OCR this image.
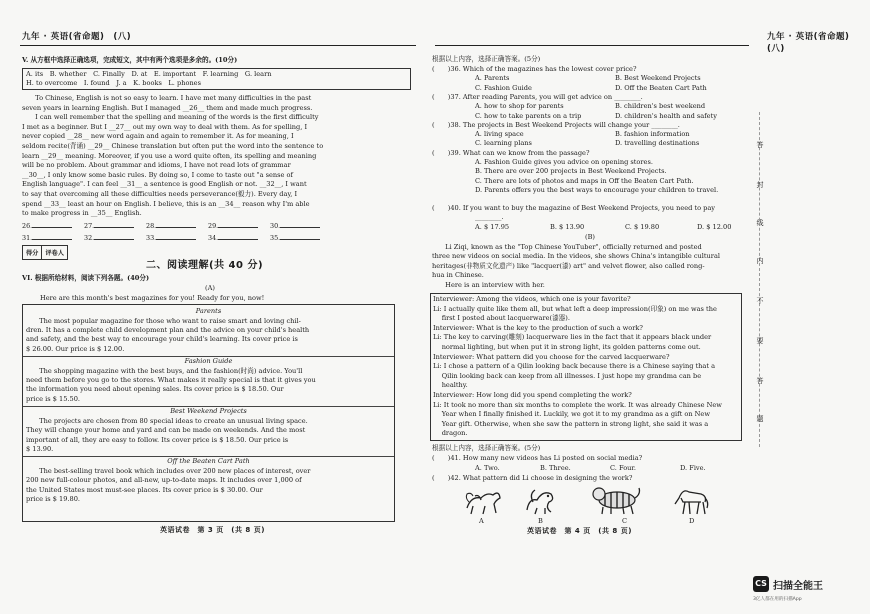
九年 · 英语(省命题)　(八)
V. 从方框中选择正确选项，完成短文，其中有两个选项是多余的。(10分)
A. its　B. whether　C. Finally　D. at　E. important　F. learning　G. learn
H. to overcome　I. found　J. a　K. books　L. phones
26.	27.	28.	29.	30.
31.	32.	33.	34.	35.
得分	评卷人
二、阅读理解(共 40 分)
VI. 根据所给材料，阅读下列各题。(40分)
(A)
Here are this month's best magazines for you! Ready for you, now!
Parents
　　The most popular magazine for those who want to raise smart and loving chil-
dren. It has a complete child development plan and the advice on your child's health
and safety, and the best way to encourage your child's learning. Its cover price is
$ 26.00. Our price is $ 12.00.
Fashion Guide
　　The shopping magazine with the best buys, and the fashion(时尚) advice. You'll
need them before you go to the stores. What makes it really special is that it gives you
the information you need about opening sales. Its cover price is $ 18.50. Our
price is $ 15.50.
Best Weekend Projects
　　The projects are chosen from 80 special ideas to create an unusual living space.
They will change your home and yard and can be made on weekends. And the most
important of all, they are easy to follow. Its cover price is $ 18.50. Our price is
$ 13.90.
Off the Beaten Cart Path
　　The best-selling travel book which includes over 200 new places of interest, over
200 new full-colour photos, and all-new, up-to-date maps. It includes over 1,000 of
the United States most must-see places. Its cover price is $ 30.00. Our
price is $ 19.80.
英语试卷　第 3 页　(共 8 页)
　　To Chinese, English is not so easy to learn. I have met many difficulties in the past
seven years in learning English. But I managed __26__ them and made much progress.
　　I can well remember that the spelling and meaning of the words is the first difficulty
I met as a beginner. But I __27__ out my own way to deal with them. As for spelling, I
never copied __28__ new word again and again to remember it. As for meaning, I
seldom recite(背诵) __29__ Chinese translation but often put the word into the sentence to
learn __29__ meaning. Moreover, if you use a word quite often, its spelling and meaning
will be no problem. About grammar and idioms, I have not read lots of grammar
__30__, I only know some basic rules. By doing so, I come to taste out "a sense of
English language". I can feel __31__ a sentence is good English or not. __32__, I want
to say that overcoming all these difficulties needs perseverance(毅力). Every day, I
spend __33__ least an hour on English. I believe, this is an __34__ reason why I'm able
to make progress in __35__ English.
九年 · 英语(省命题)　(八)
根据以上内容，选择正确答案。(5分)
(　　)40. If you want to buy the magazine of Best Weekend Projects, you need to pay
________.
(B)
Interviewer: Among the videos, which one is your favorite?
Li: I actually quite like them all, but what left a deep impression(印象) on me was the
　 first I posted about lacquerware(漆器).
Interviewer: What is the key to the production of such a work?
Li: The key to carving(雕刻) lacquerware lies in the fact that it appears black under
　 normal lighting, but when put it in strong light, its golden patterns come out.
Interviewer: What pattern did you choose for the carved lacquerware?
Li: I chose a pattern of a Qilin looking back because there is a Chinese saying that a
　 Qilin looking back can keep from all illnesses. I just hope my grandma can be
　 healthy.
Interviewer: How long did you spend completing the work?
Li: It took no more than six months to complete the work. It was already Chinese New
　 Year when I finally finished it. Luckily, we got it to my grandma as a gift on New
　 Year gift. Otherwise, when she saw the pattern in strong light, she said it was a
　 dragon.
根据以上内容，选择正确答案。(5分)
(　　)41. How many new videos has Li posted on social media?
(　　)42. What pattern did Li choose in designing the work?
英语试卷　第 4 页　(共 8 页)
(　　)36. Which of the magazines has the lowest cover price?
A. Parents	B. Best Weekend Projects
C. Fashion Guide	D. Off the Beaten Cart Path
(　　)37. After reading Parents, you will get advice on ________.
A. how to shop for parents	B. children's best weekend
C. how to take parents on a trip	D. children's health and safety
(　　)38. The projects in Best Weekend Projects will change your ________.
A. living space	B. fashion information
C. learning plans	D. travelling destinations
(　　)39. What can we know from the passage?
A. Fashion Guide gives you advice on opening stores.
B. There are over 200 projects in Best Weekend Projects.
C. There are lots of photos and maps in Off the Beaten Cart Path.
D. Parents offers you the best ways to encourage your children to travel.
A. $ 17.95	B. $ 13.90	C. $ 19.80	D. $ 12.00
　　Li Ziqi, known as the "Top Chinese YouTuber", officially returned and posted
three new videos on social media. In the videos, she shows China's intangible cultural
heritages(非物质文化遗产) like "lacquer(漆) art" and velvet flower, also called rong-
hua in Chinese.
　　Here is an interview with her.
A. Two.	B. Three.	C. Four.	D. Five.
A	B	C	D
答
封
线
内
不
要
答
题
CS 扫描全能王
3亿人都在用的扫描App
